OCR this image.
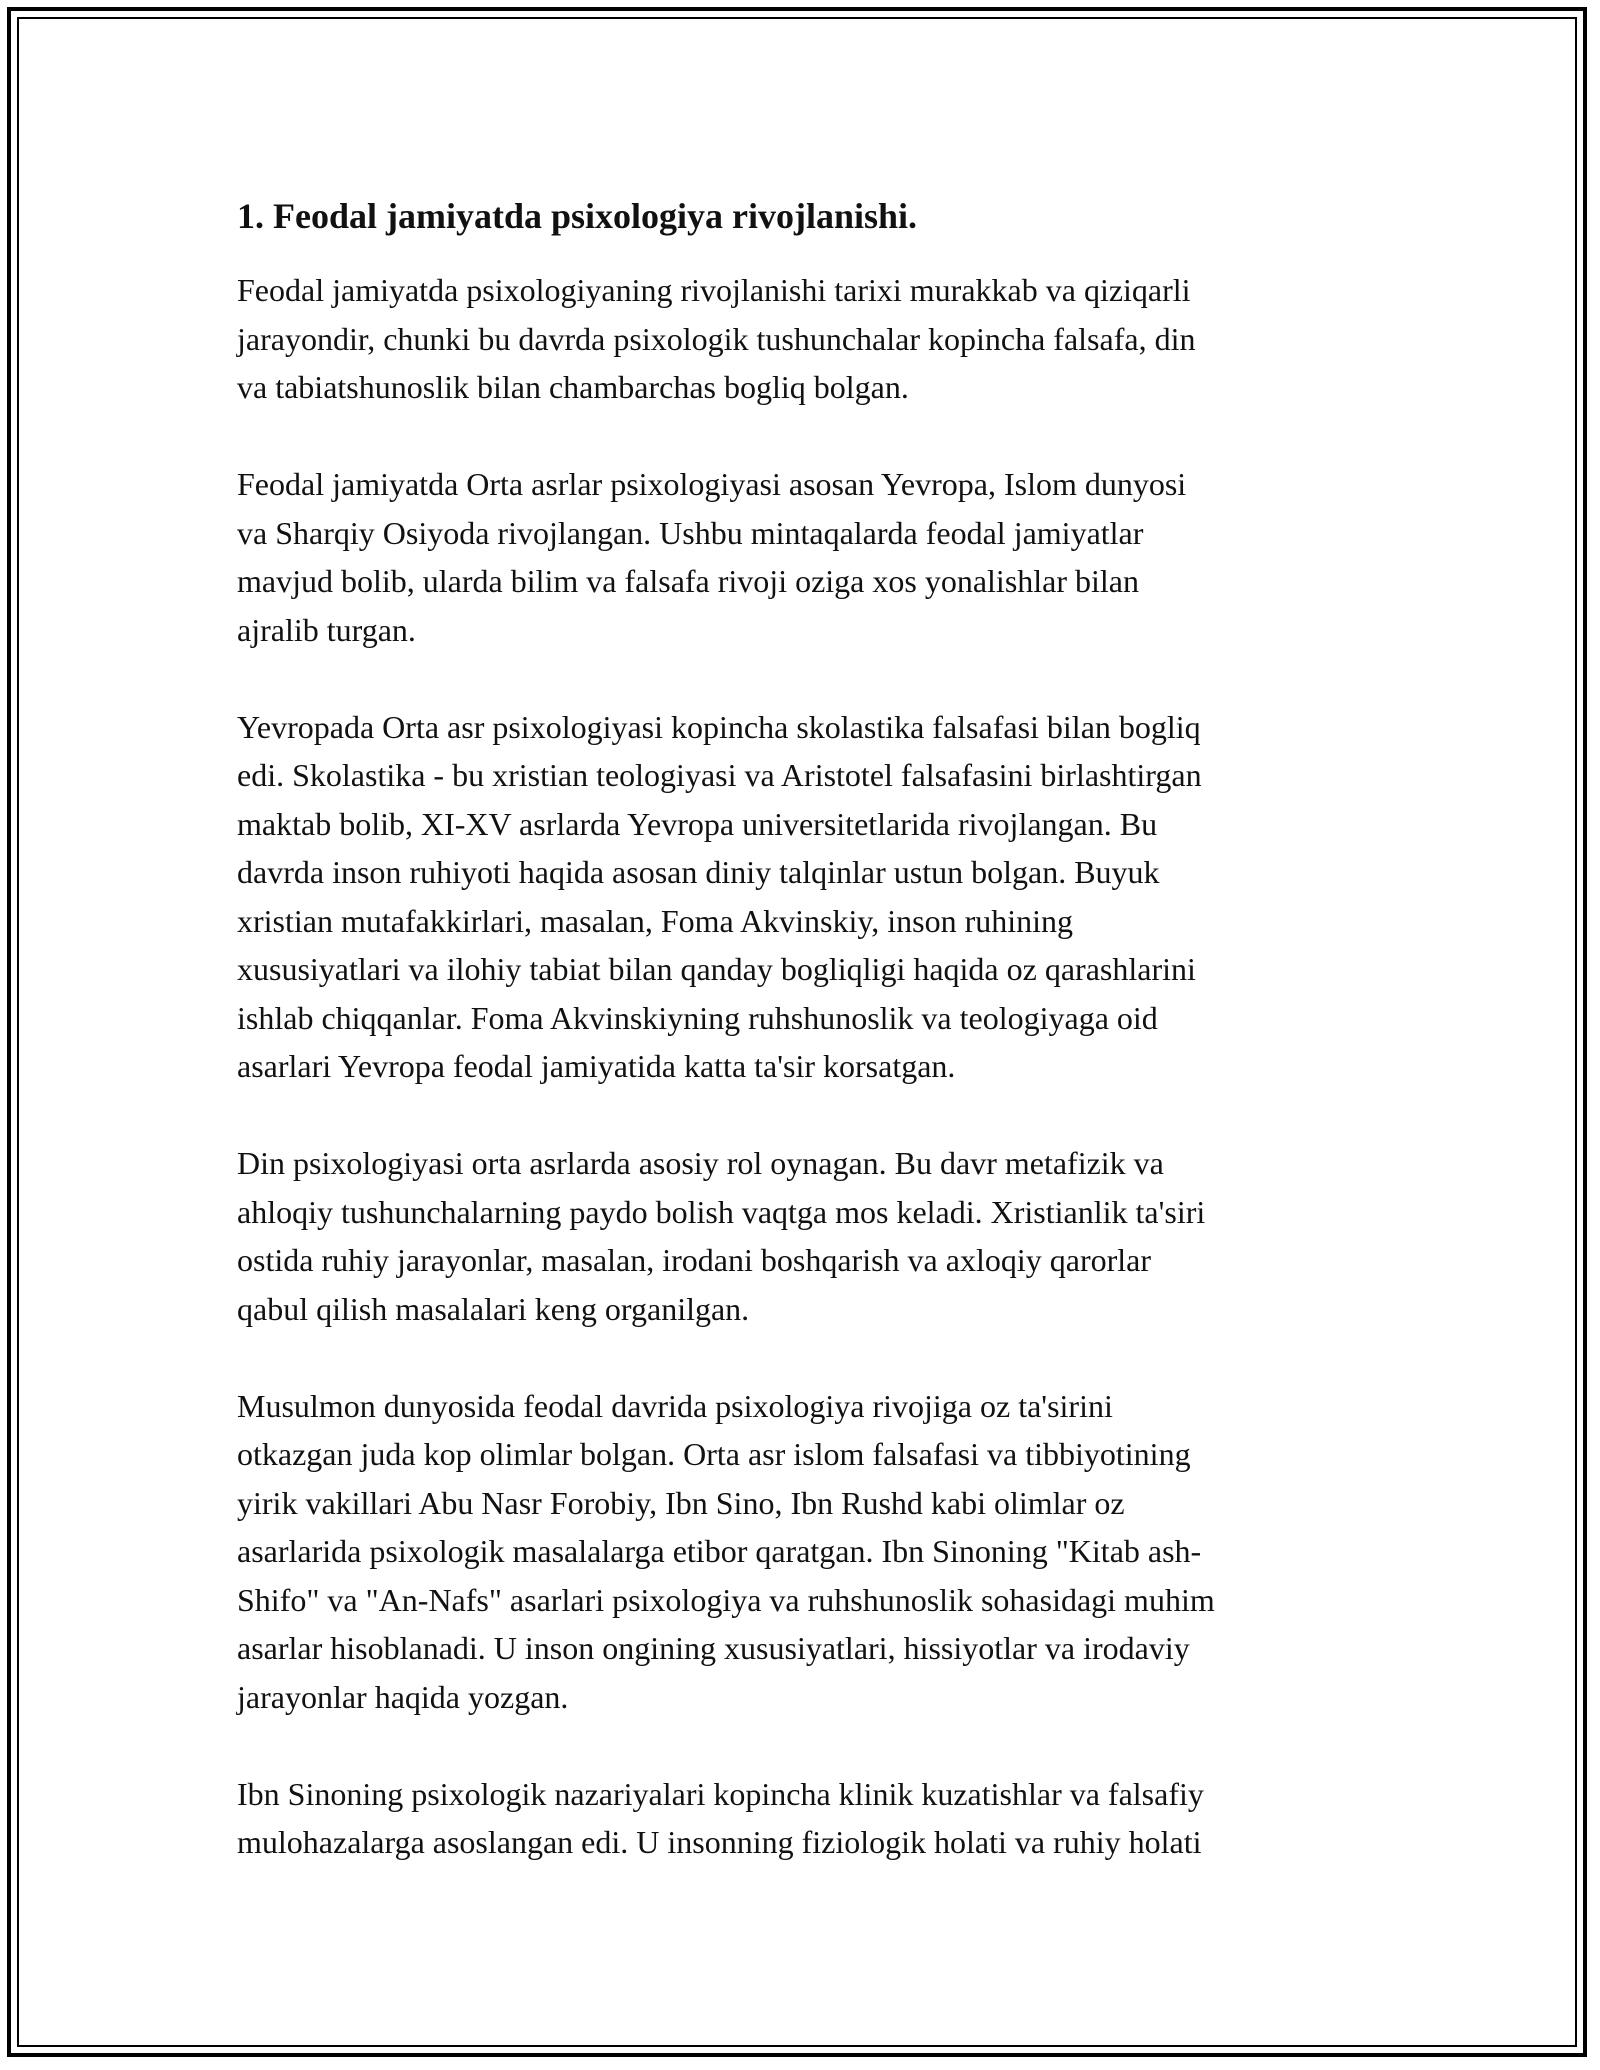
1. Feodal jamiyatda psixologiya rivojlanishi.
Feodal jamiyatda psixologiyaning rivojlanishi tarixi murakkab va qiziqarli
jarayondir, chunki bu davrda psixologik tushunchalar kopincha falsafa, din
va tabiatshunoslik bilan chambarchas bogliq bolgan.
Feodal jamiyatda Orta asrlar psixologiyasi asosan Yevropa, Islom dunyosi
va Sharqiy Osiyoda rivojlangan. Ushbu mintaqalarda feodal jamiyatlar
mavjud bolib, ularda bilim va falsafa rivoji oziga xos yonalishlar bilan
ajralib turgan.
Yevropada Orta asr psixologiyasi kopincha skolastika falsafasi bilan bogliq
edi. Skolastika - bu xristian teologiyasi va Aristotel falsafasini birlashtirgan
maktab bolib, XI-XV asrlarda Yevropa universitetlarida rivojlangan. Bu
davrda inson ruhiyoti haqida asosan diniy talqinlar ustun bolgan. Buyuk
xristian mutafakkirlari, masalan, Foma Akvinskiy, inson ruhining
xususiyatlari va ilohiy tabiat bilan qanday bogliqligi haqida oz qarashlarini
ishlab chiqqanlar. Foma Akvinskiyning ruhshunoslik va teologiyaga oid
asarlari Yevropa feodal jamiyatida katta ta'sir korsatgan.
Din psixologiyasi orta asrlarda asosiy rol oynagan. Bu davr metafizik va
ahloqiy tushunchalarning paydo bolish vaqtga mos keladi. Xristianlik ta'siri
ostida ruhiy jarayonlar, masalan, irodani boshqarish va axloqiy qarorlar
qabul qilish masalalari keng organilgan.
Musulmon dunyosida feodal davrida psixologiya rivojiga oz ta'sirini
otkazgan juda kop olimlar bolgan. Orta asr islom falsafasi va tibbiyotining
yirik vakillari Abu Nasr Forobiy, Ibn Sino, Ibn Rushd kabi olimlar oz
asarlarida psixologik masalalarga etibor qaratgan. Ibn Sinoning "Kitab ash-
Shifo" va "An-Nafs" asarlari psixologiya va ruhshunoslik sohasidagi muhim
asarlar hisoblanadi. U inson ongining xususiyatlari, hissiyotlar va irodaviy
jarayonlar haqida yozgan.
Ibn Sinoning psixologik nazariyalari kopincha klinik kuzatishlar va falsafiy
mulohazalarga asoslangan edi. U insonning fiziologik holati va ruhiy holati
